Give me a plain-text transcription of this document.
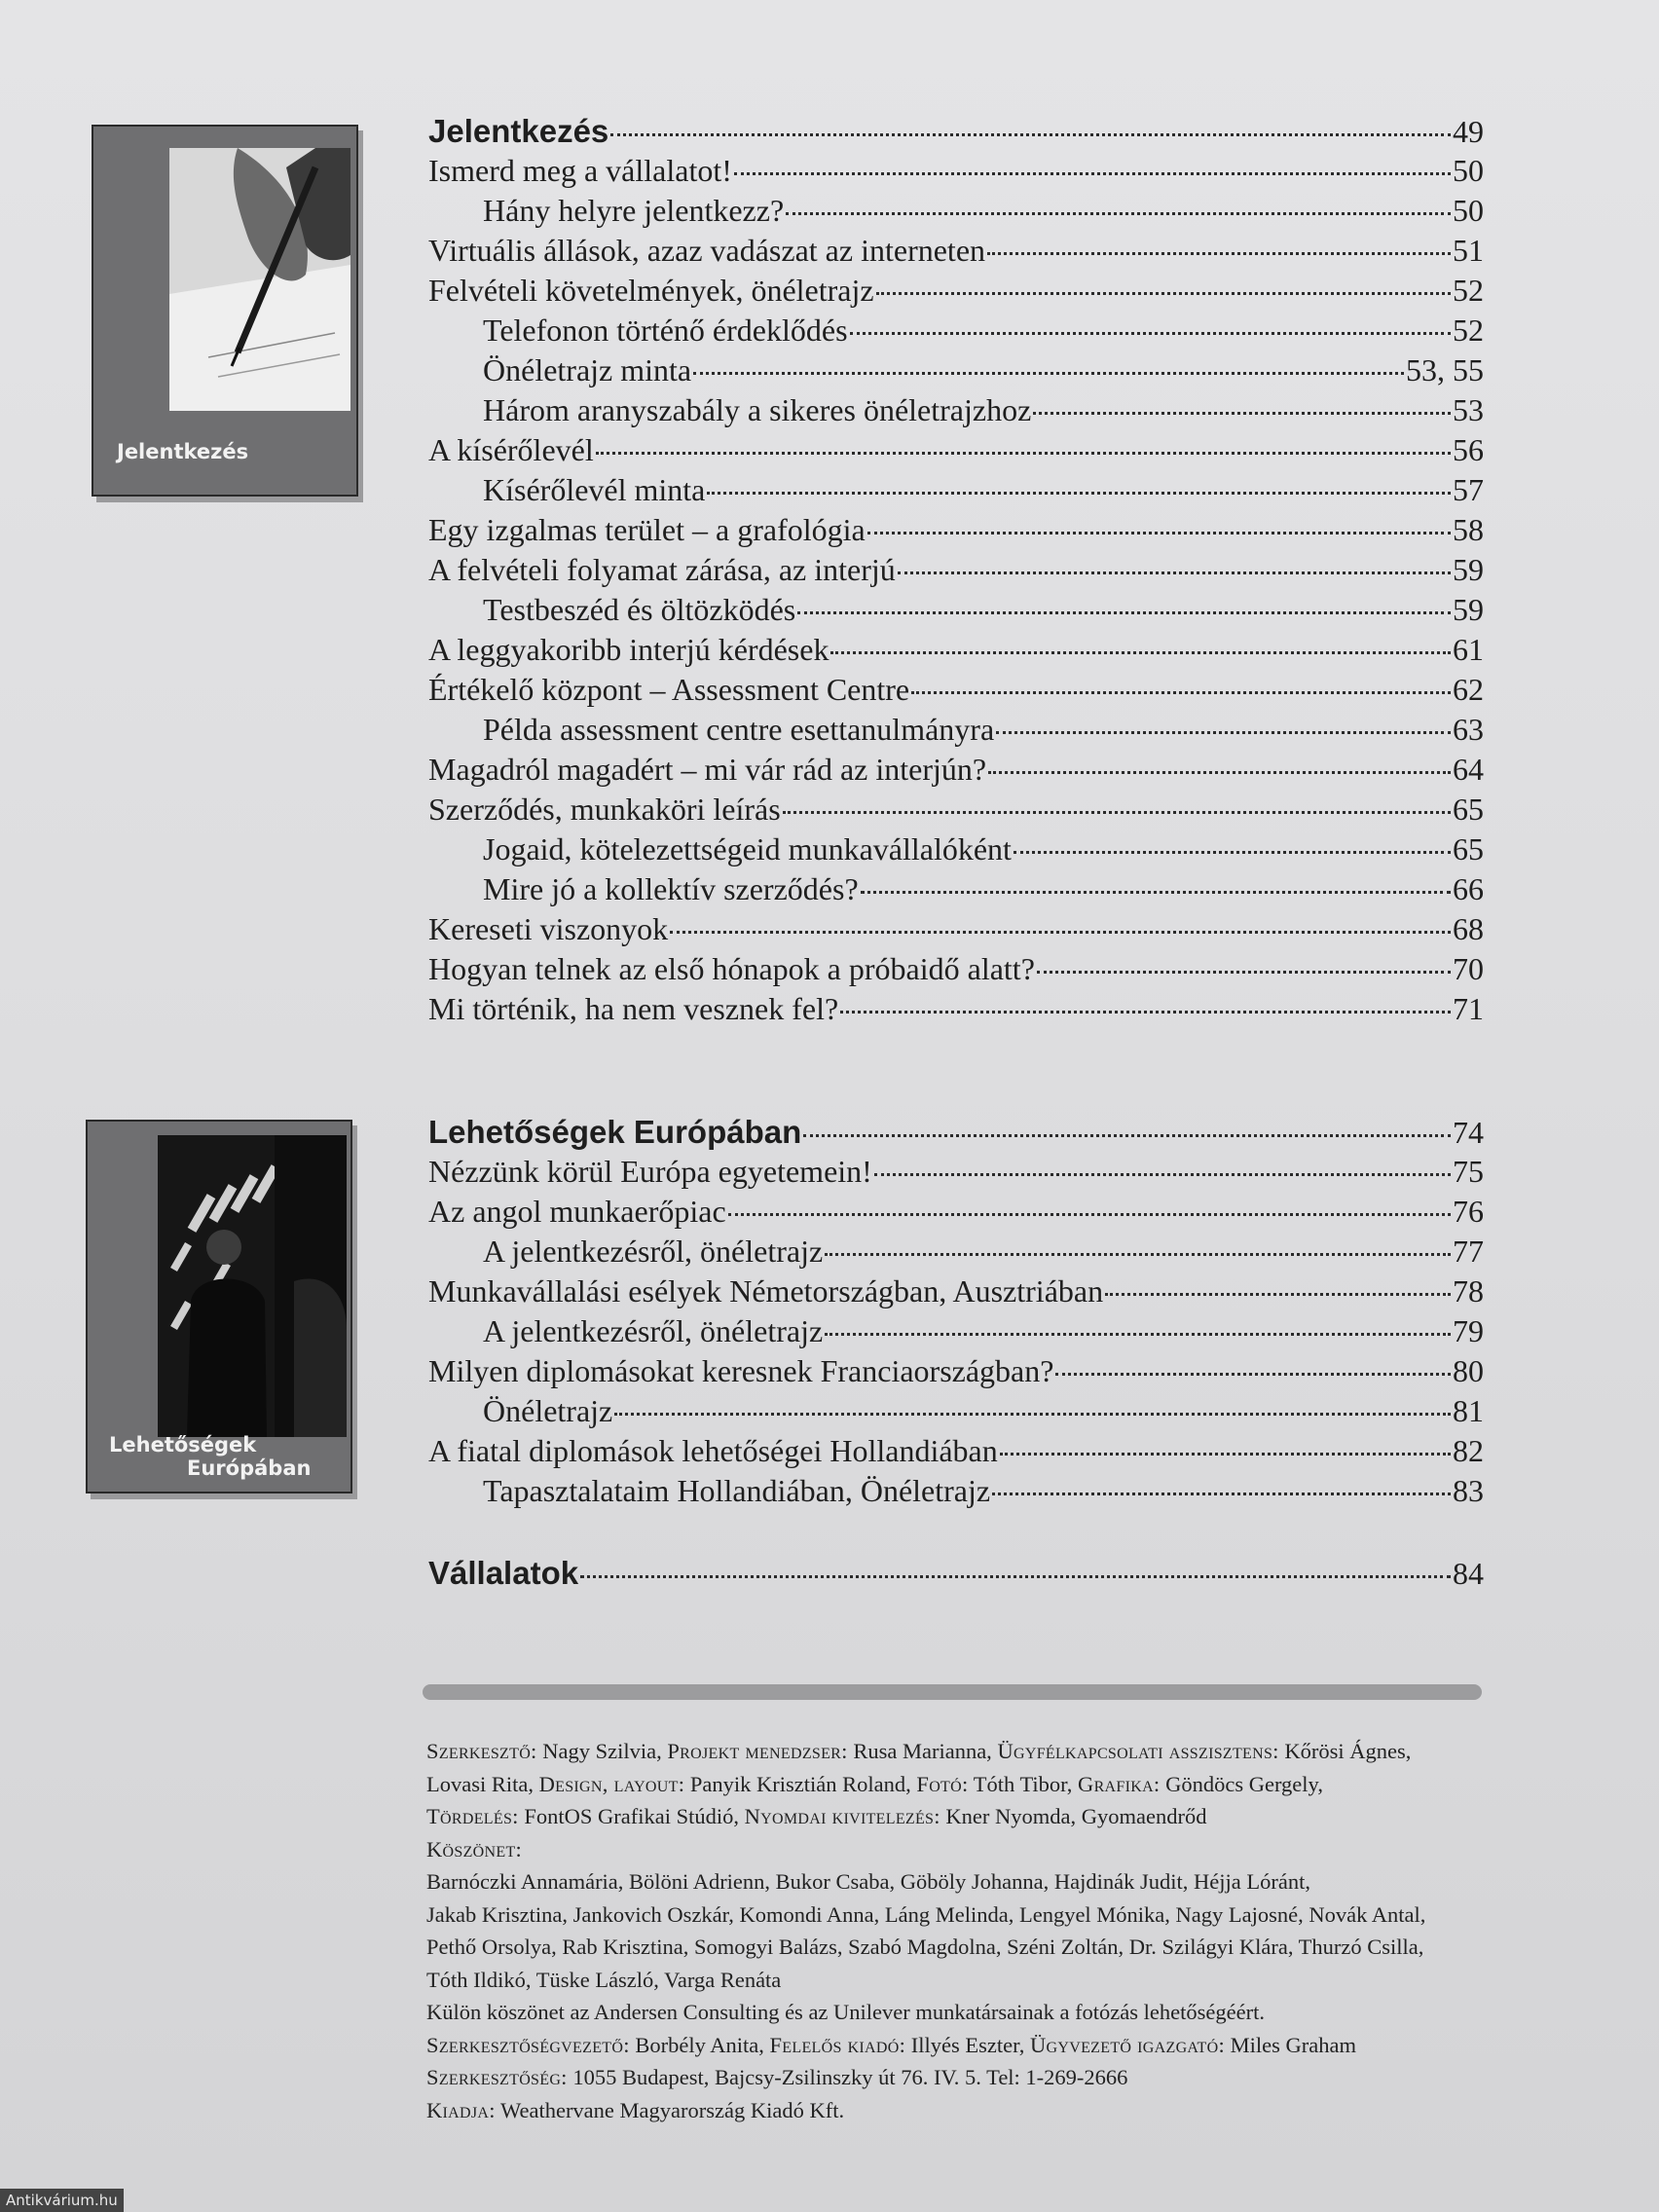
Jelentkezés
Lehetőségek
Európában
Jelentkezés	49
Ismerd meg a vállalatot!	50
Hány helyre jelentkezz?	50
Virtuális állások, azaz vadászat az interneten	51
Felvételi követelmények, önéletrajz	52
Telefonon történő érdeklődés	52
Önéletrajz minta	53, 55
Három aranyszabály a sikeres önéletrajzhoz	53
A kísérőlevél	56
Kísérőlevél minta	57
Egy izgalmas terület – a grafológia	58
A felvételi folyamat zárása, az interjú	59
Testbeszéd és öltözködés	59
A leggyakoribb interjú kérdések	61
Értékelő központ – Assessment Centre	62
Példa assessment centre esettanulmányra	63
Magadról magadért – mi vár rád az interjún?	64
Szerződés, munkaköri leírás	65
Jogaid, kötelezettségeid munkavállalóként	65
Mire jó a kollektív szerződés?	66
Kereseti viszonyok	68
Hogyan telnek az első hónapok a próbaidő alatt?	70
Mi történik, ha nem vesznek fel?	71
Lehetőségek Európában	74
Nézzünk körül Európa egyetemein!	75
Az angol munkaerőpiac	76
A jelentkezésről, önéletrajz	77
Munkavállalási esélyek Németországban, Ausztriában	78
A jelentkezésről, önéletrajz	79
Milyen diplomásokat keresnek Franciaországban?	80
Önéletrajz	81
A fiatal diplomások lehetőségei Hollandiában	82
Tapasztalataim Hollandiában, Önéletrajz	83
Vállalatok	84
Szerkesztő: Nagy Szilvia, Projekt menedzser: Rusa Marianna, Ügyfélkapcsolati asszisztens: Kőrösi Ágnes,
Lovasi Rita, Design, layout: Panyik Krisztián Roland, Fotó: Tóth Tibor, Grafika: Göndöcs Gergely,
Tördelés: FontOS Grafikai Stúdió, Nyomdai kivitelezés: Kner Nyomda, Gyomaendrőd
Köszönet:
Barnóczki Annamária, Bölöni Adrienn, Bukor Csaba, Göböly Johanna, Hajdinák Judit, Héjja Lóránt,
Jakab Krisztina, Jankovich Oszkár, Komondi Anna, Láng Melinda, Lengyel Mónika, Nagy Lajosné, Novák Antal,
Pethő Orsolya, Rab Krisztina, Somogyi Balázs, Szabó Magdolna, Széni Zoltán, Dr. Szilágyi Klára, Thurzó Csilla,
Tóth Ildikó, Tüske László, Varga Renáta
Külön köszönet az Andersen Consulting és az Unilever munkatársainak a fotózás lehetőségéért.
Szerkesztőségvezető: Borbély Anita, Felelős kiadó: Illyés Eszter, Ügyvezető igazgató: Miles Graham
Szerkesztőség: 1055 Budapest, Bajcsy-Zsilinszky út 76. IV. 5. Tel: 1-269-2666
Kiadja: Weathervane Magyarország Kiadó Kft.
Antikvárium.hu
